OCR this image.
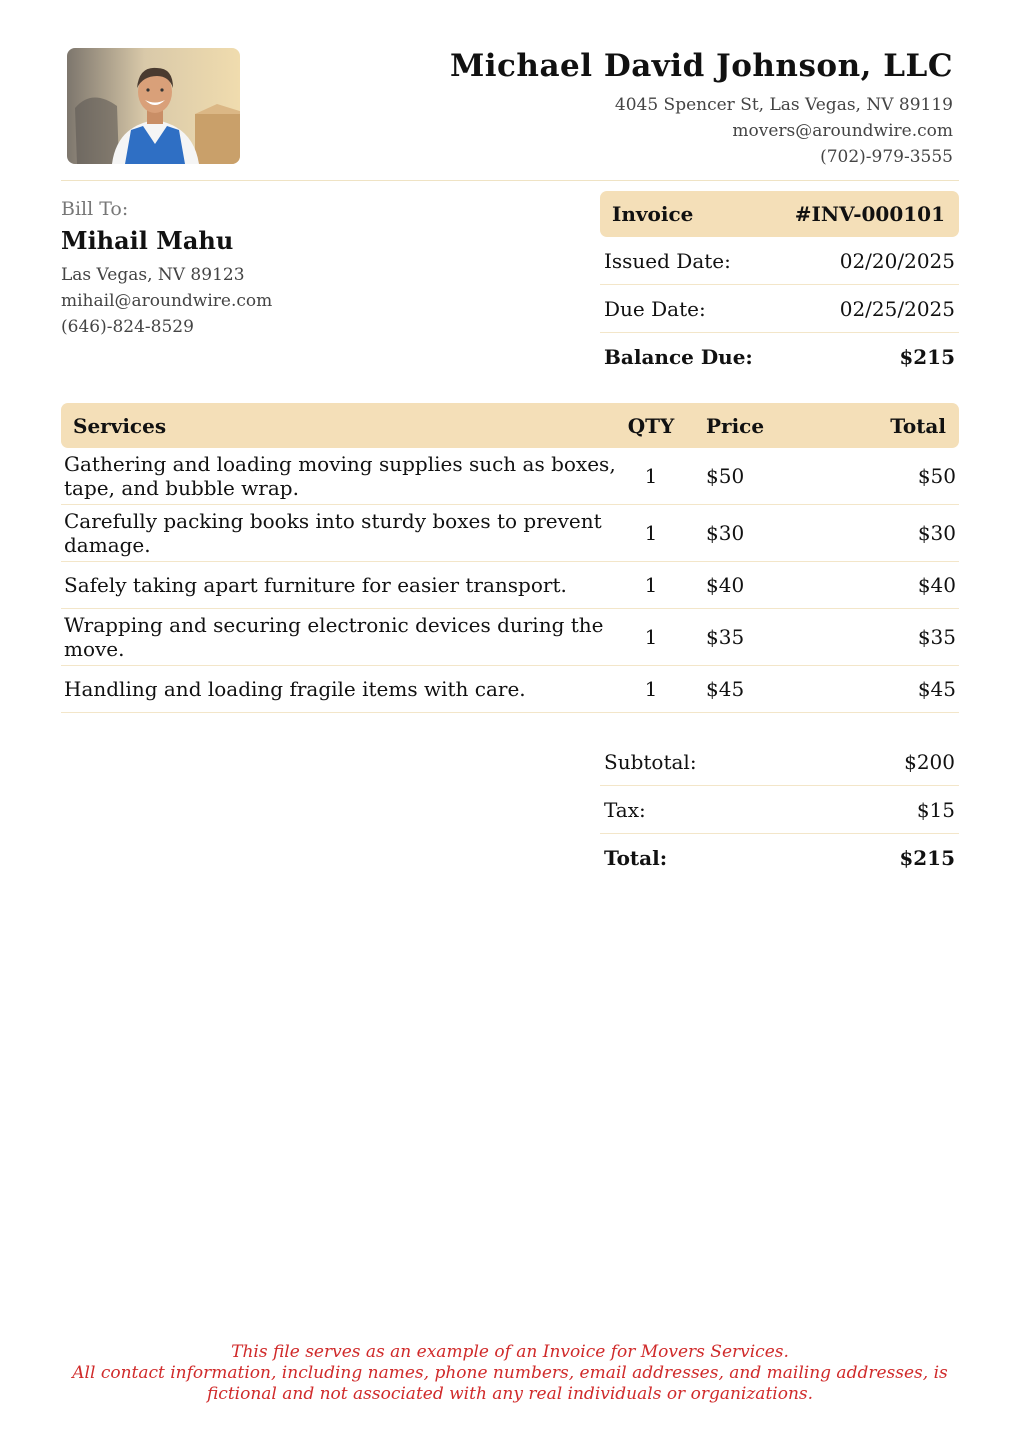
Michael David Johnson, LLC
4045 Spencer St, Las Vegas, NV 89119
movers@aroundwire.com
(702)-979-3555
Bill To:
Mihail Mahu
Las Vegas, NV 89123
mihail@aroundwire.com
(646)-824-8529
Invoice	#INV-000101
Issued Date:	02/20/2025
Due Date:	02/25/2025
Balance Due:	$215
Services	QTY	Price	Total
Gathering and loading moving supplies such as boxes, tape, and bubble wrap.	1	$50	$50
Carefully packing books into sturdy boxes to prevent damage.	1	$30	$30
Safely taking apart furniture for easier transport.	1	$40	$40
Wrapping and securing electronic devices during the move.	1	$35	$35
Handling and loading fragile items with care.	1	$45	$45
Subtotal:	$200
Tax:	$15
Total:	$215
This file serves as an example of an Invoice for Movers Services.
All contact information, including names, phone numbers, email addresses, and mailing addresses, is
fictional and not associated with any real individuals or organizations.
